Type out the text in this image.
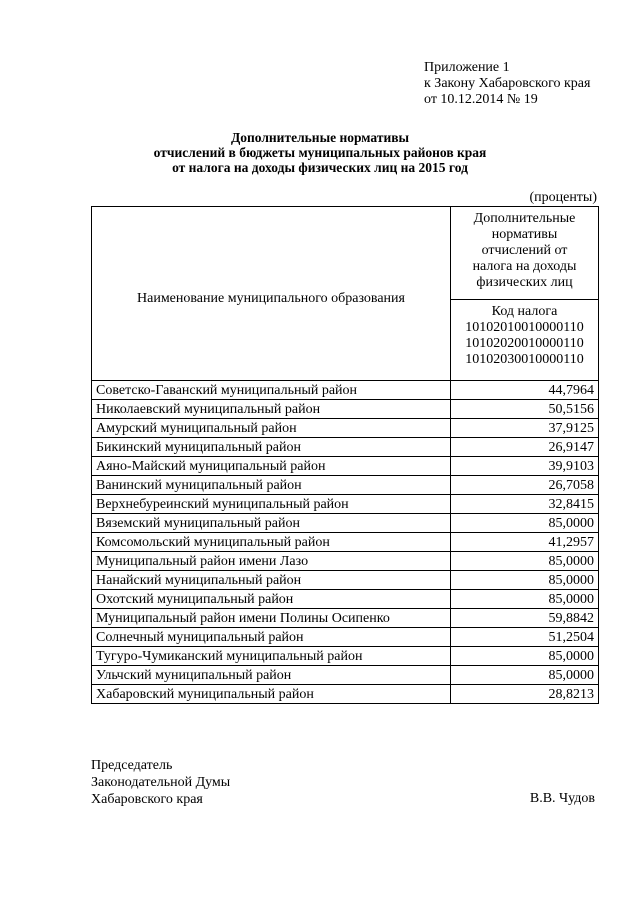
Приложение 1
к Закону Хабаровского края
от 10.12.2014 № 19
Дополнительные нормативы
отчислений в бюджеты муниципальных районов края
от налога на доходы физических лиц на 2015 год
(проценты)
Наименование муниципального образования	Дополнительные
нормативы
отчислений от
налога на доходы
физических лиц

	Код налога
10102010010000110
10102020010000110
10102030010000110

Советско-Гаванский муниципальный район	44,7964
Николаевский муниципальный район	50,5156
Амурский муниципальный район	37,9125
Бикинский муниципальный район	26,9147
Аяно-Майский муниципальный район	39,9103
Ванинский муниципальный район	26,7058
Верхнебуреинский муниципальный район	32,8415
Вяземский муниципальный район	85,0000
Комсомольский муниципальный район	41,2957
Муниципальный район имени Лазо	85,0000
Нанайский муниципальный район	85,0000
Охотский муниципальный район	85,0000
Муниципальный район имени Полины Осипенко	59,8842
Солнечный муниципальный район	51,2504
Тугуро-Чумиканский муниципальный район	85,0000
Ульчский муниципальный район	85,0000
Хабаровский муниципальный район	28,8213
Председатель
Законодательной Думы
Хабаровского края	В.В. Чудов
